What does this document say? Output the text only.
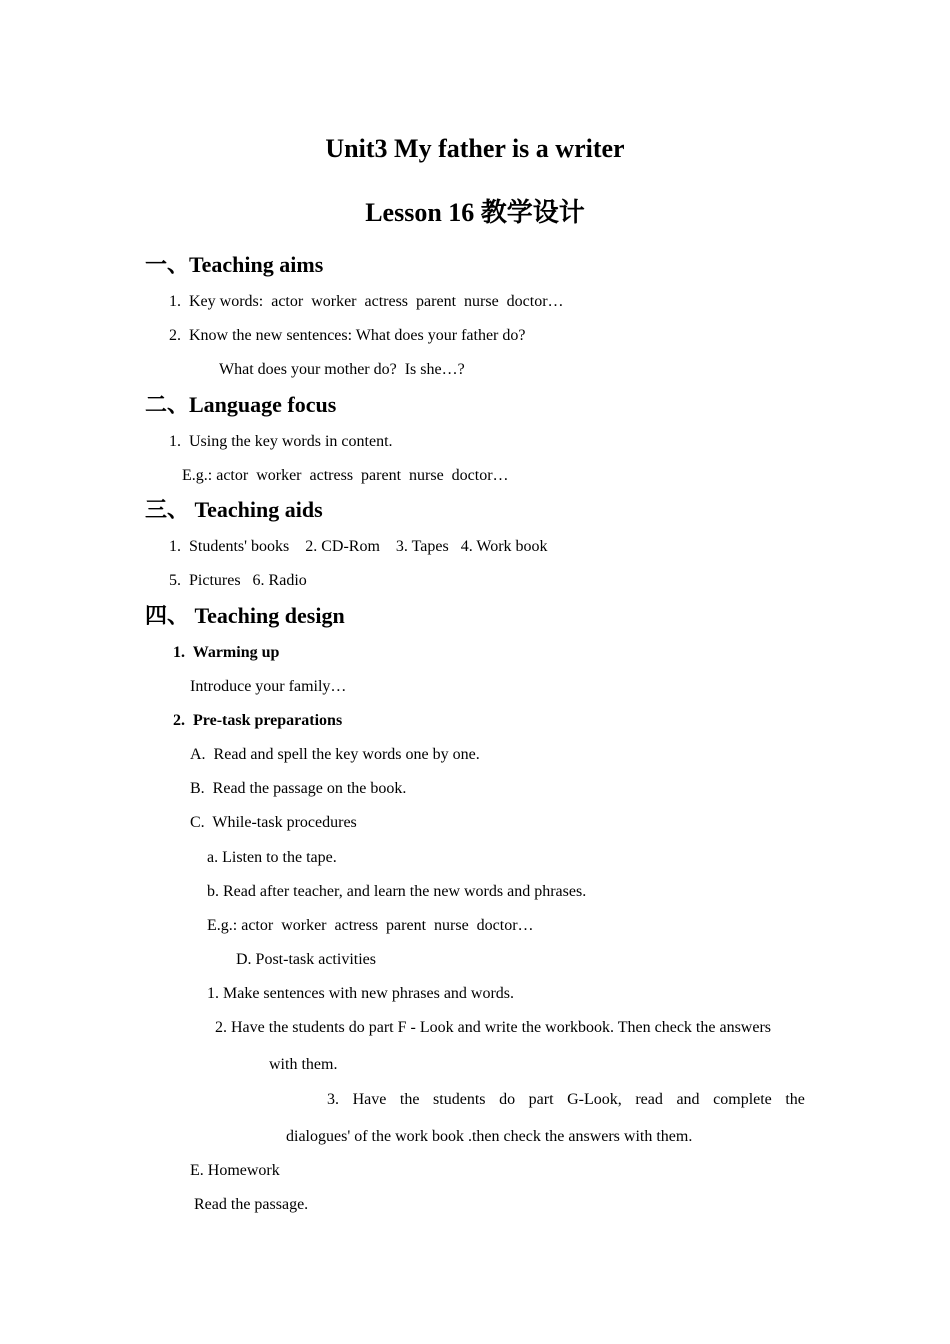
Unit3 My father is a writer
Lesson 16 教学设计
一、Teaching aims
1.  Key words:  actor  worker  actress  parent  nurse  doctor…
2.  Know the new sentences: What does your father do?
What does your mother do?  Is she…?
二、Language focus
1.  Using the key words in content.
E.g.: actor  worker  actress  parent  nurse  doctor…
三、 Teaching aids
1.  Students' books    2. CD-Rom    3. Tapes   4. Work book
5.  Pictures   6. Radio
四、 Teaching design
1.  Warming up
Introduce your family…
2.  Pre-task preparations
A.  Read and spell the key words one by one.
B.  Read the passage on the book.
C.  While-task procedures
a. Listen to the tape.
b. Read after teacher, and learn the new words and phrases.
E.g.: actor  worker  actress  parent  nurse  doctor…
D. Post-task activities
1. Make sentences with new phrases and words.
2. Have the students do part F - Look and write the workbook. Then check the answers
with them.
3. Have the students do part G-Look, read and complete the
dialogues' of the work book .then check the answers with them.
E. Homework
Read the passage.
